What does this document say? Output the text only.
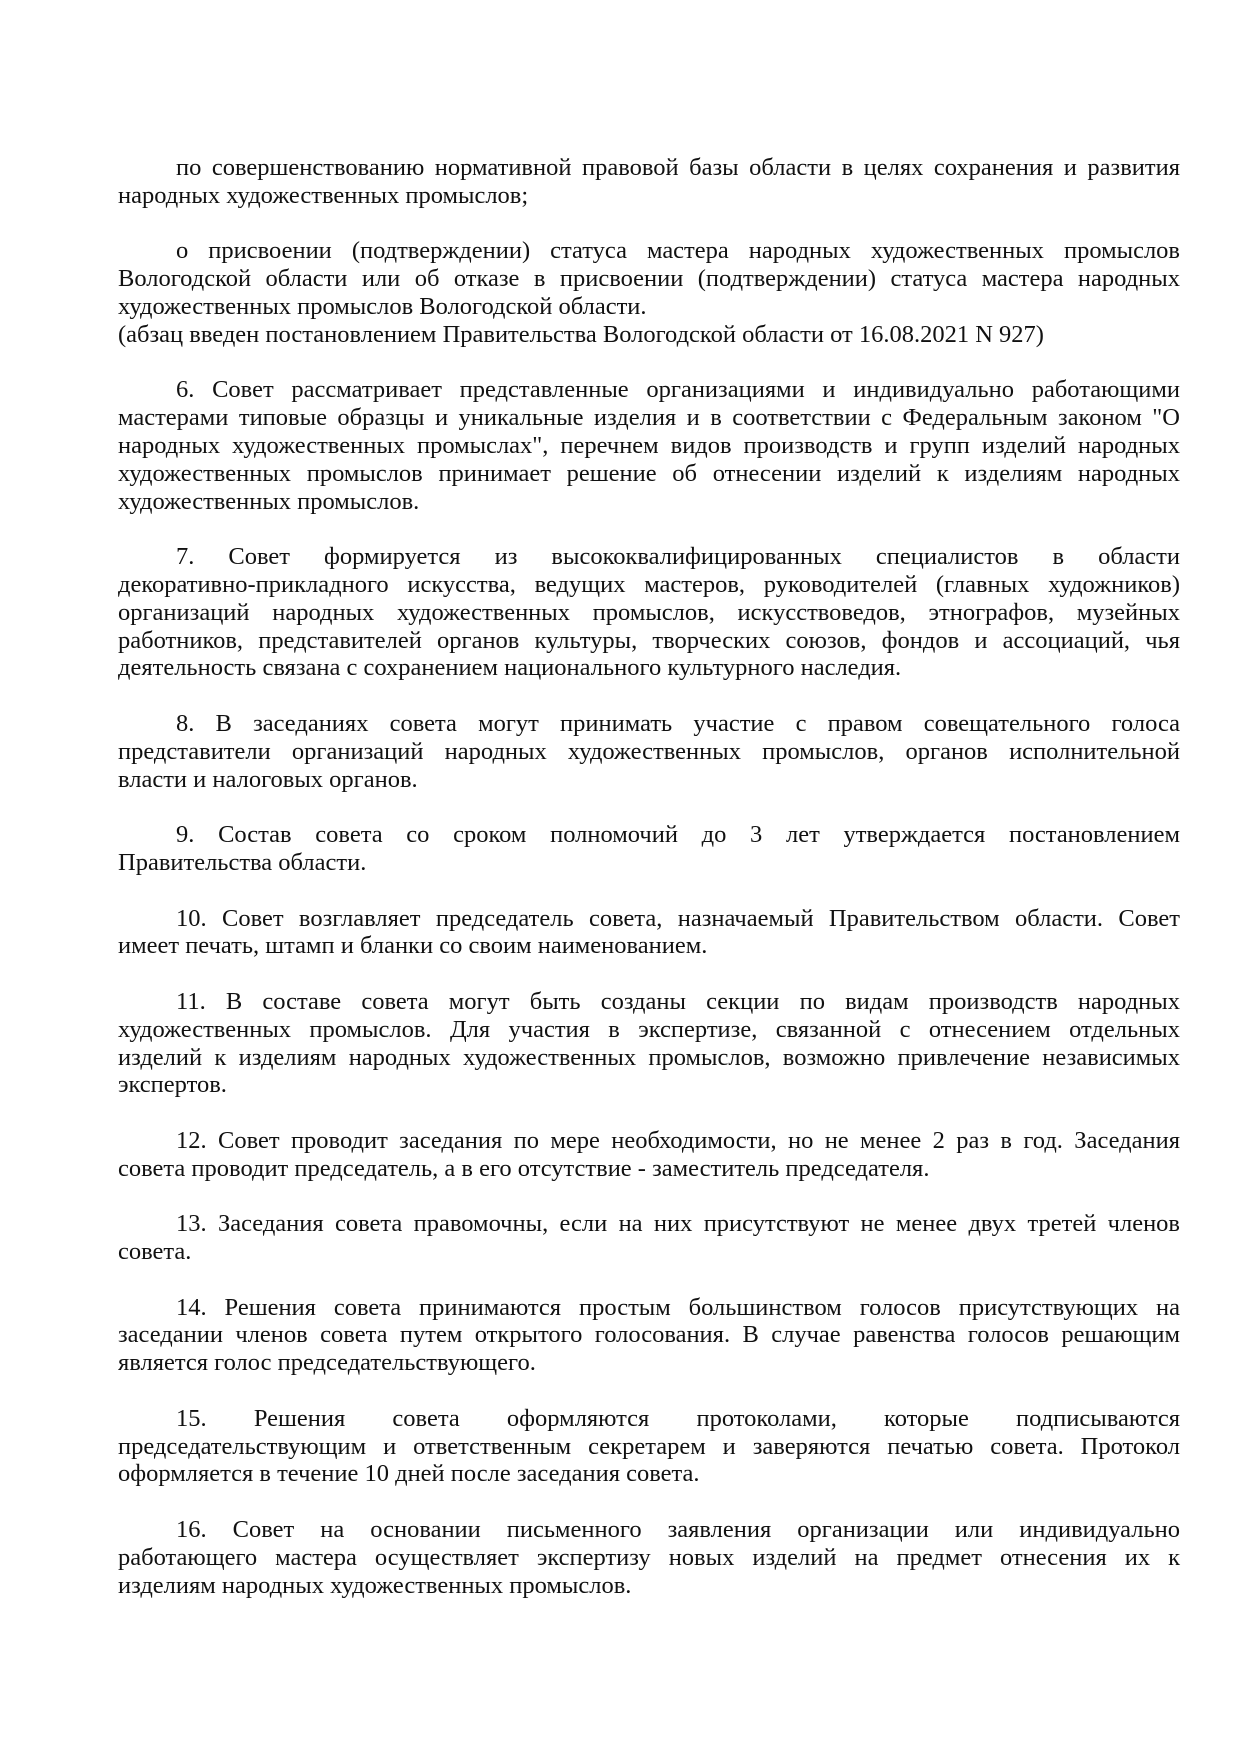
по совершенствованию нормативной правовой базы области в целях сохранения и развития
народных художественных промыслов;
о присвоении (подтверждении) статуса мастера народных художественных промыслов
Вологодской области или об отказе в присвоении (подтверждении) статуса мастера народных
художественных промыслов Вологодской области.
(абзац введен постановлением Правительства Вологодской области от 16.08.2021 N 927)
6. Совет рассматривает представленные организациями и индивидуально работающими
мастерами типовые образцы и уникальные изделия и в соответствии с Федеральным законом "О
народных художественных промыслах", перечнем видов производств и групп изделий народных
художественных промыслов принимает решение об отнесении изделий к изделиям народных
художественных промыслов.
7. Совет формируется из высококвалифицированных специалистов в области
декоративно-прикладного искусства, ведущих мастеров, руководителей (главных художников)
организаций народных художественных промыслов, искусствоведов, этнографов, музейных
работников, представителей органов культуры, творческих союзов, фондов и ассоциаций, чья
деятельность связана с сохранением национального культурного наследия.
8. В заседаниях совета могут принимать участие с правом совещательного голоса
представители организаций народных художественных промыслов, органов исполнительной
власти и налоговых органов.
9. Состав совета со сроком полномочий до 3 лет утверждается постановлением
Правительства области.
10. Совет возглавляет председатель совета, назначаемый Правительством области. Совет
имеет печать, штамп и бланки со своим наименованием.
11. В составе совета могут быть созданы секции по видам производств народных
художественных промыслов. Для участия в экспертизе, связанной с отнесением отдельных
изделий к изделиям народных художественных промыслов, возможно привлечение независимых
экспертов.
12. Совет проводит заседания по мере необходимости, но не менее 2 раз в год. Заседания
совета проводит председатель, а в его отсутствие - заместитель председателя.
13. Заседания совета правомочны, если на них присутствуют не менее двух третей членов
совета.
14. Решения совета принимаются простым большинством голосов присутствующих на
заседании членов совета путем открытого голосования. В случае равенства голосов решающим
является голос председательствующего.
15. Решения совета оформляются протоколами, которые подписываются
председательствующим и ответственным секретарем и заверяются печатью совета. Протокол
оформляется в течение 10 дней после заседания совета.
16. Совет на основании письменного заявления организации или индивидуально
работающего мастера осуществляет экспертизу новых изделий на предмет отнесения их к
изделиям народных художественных промыслов.
